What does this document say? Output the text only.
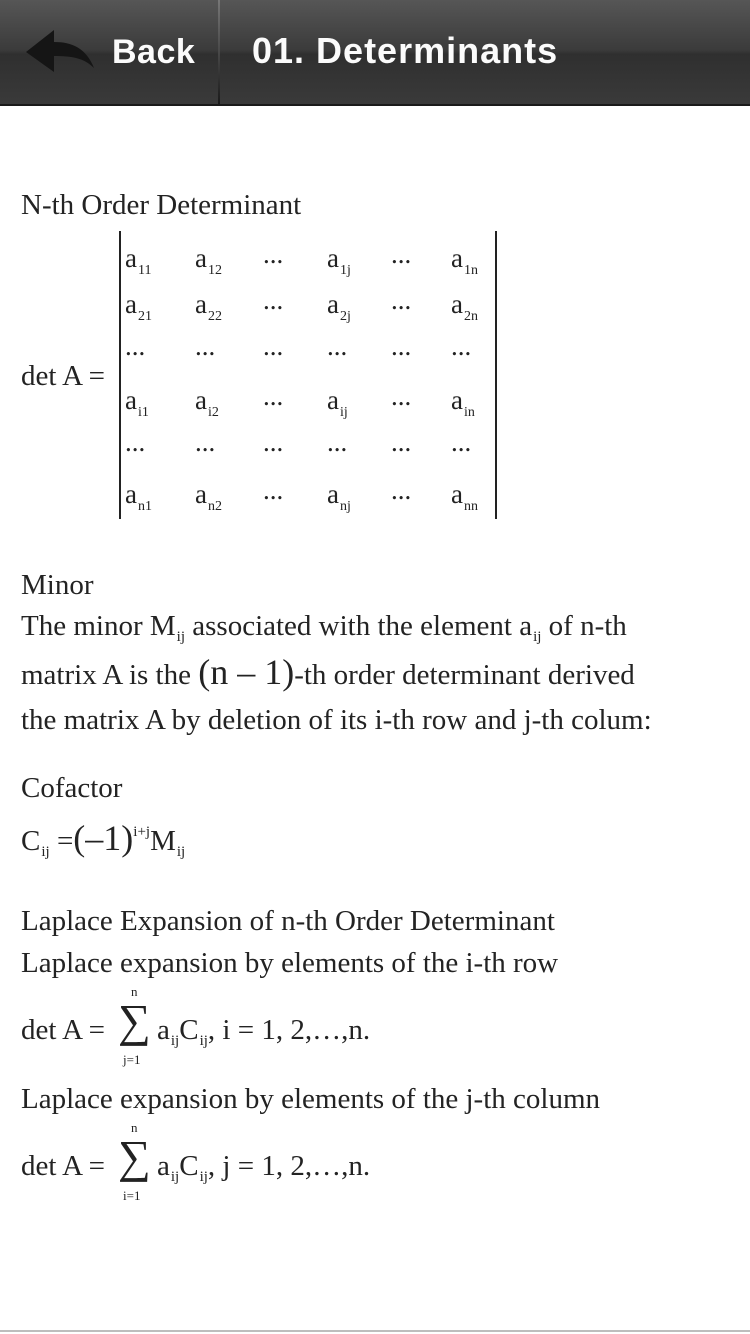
Back 01. Determinants
N-th Order Determinant
det A =
$a_{11}$ $a_{12}$
... $a_{1j}$
... $a_{1n}$
$a_{21}$ $a_{22}$
... $a_{2j}$
... $a_{2n}$
... ... ... ... ... ...
$a_{i1}$ $a_{i2}$
... $a_{ij}$
... $a_{in}$
... ... ... ... ... ...
$a_{n1}$ $a_{n2}$
... $a_{nj}$
... $a_{nn}$
Minor
The minor $M_{ij}$ associated with the element $a_{ij}$ of n-th
matrix A is the (n – 1)-th order determinant derived
the matrix A by deletion of its i-th row and j-th colum:
Cofactor
$C_{ij} =(-1)^{i+j}M_{ij}$
Laplace Expansion of n-th Order Determinant
Laplace expansion by elements of the i-th row
det A =
n
∑
j=1
$a_{ij}C_{ij}$, i = 1, 2,…,n.
Laplace expansion by elements of the j-th column
det A =
n
∑
i=1
$a_{ij}C_{ij}$, j = 1, 2,…,n.
